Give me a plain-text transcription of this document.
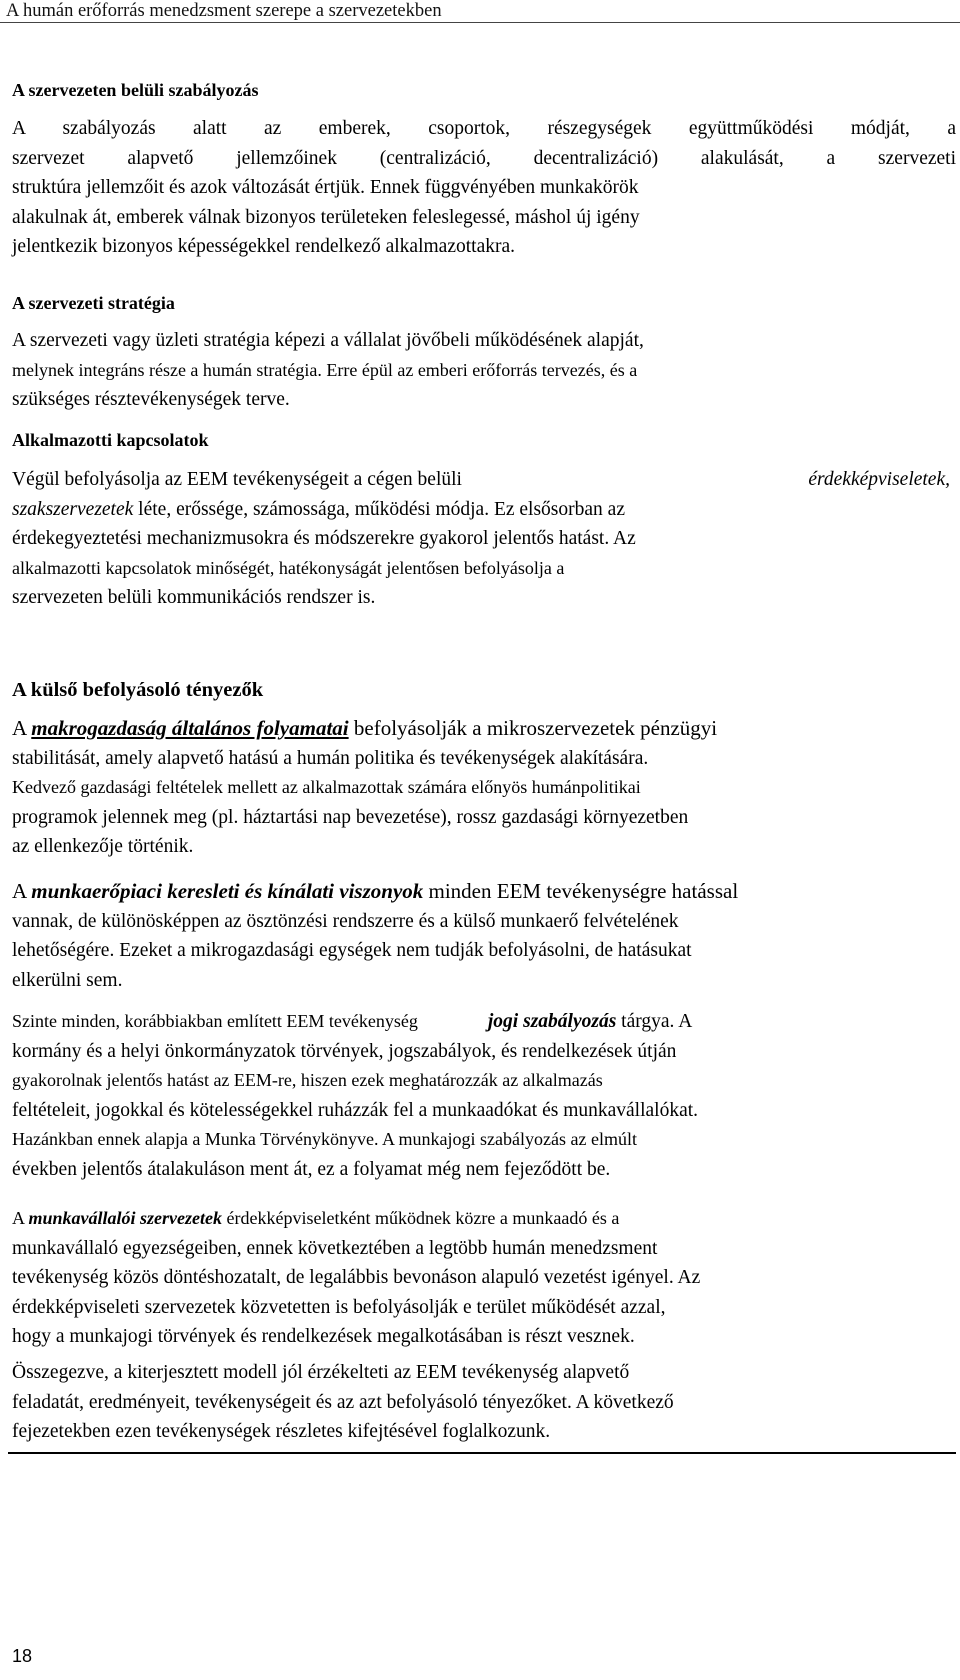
A humán erőforrás menedzsment szerepe a szervezetekben
A szervezeten belüli szabályozás
A szabályozás alatt az emberek, csoportok, részegységek együttműködési módját, a
szervezet alapvető jellemzőinek (centralizáció, decentralizáció) alakulását, a szervezeti
struktúra jellemzőit és azok változását értjük. Ennek függvényében munkakörök
alakulnak át, emberek válnak bizonyos területeken feleslegessé, máshol új igény
jelentkezik bizonyos képességekkel rendelkező alkalmazottakra.
A szervezeti stratégia
A szervezeti vagy üzleti stratégia képezi a vállalat jövőbeli működésének alapját,
melynek integráns része a humán stratégia. Erre épül az emberi erőforrás tervezés, és a
szükséges résztevékenységek terve.
Alkalmazotti kapcsolatok
Végül befolyásolja az EEM tevékenységeit a cégen belüli	érdekképviseletek,
szakszervezetek léte, erőssége, számossága, működési módja. Ez elsősorban az
érdekegyeztetési mechanizmusokra és módszerekre gyakorol jelentős hatást. Az
alkalmazotti kapcsolatok minőségét, hatékonyságát jelentősen befolyásolja a
szervezeten belüli kommunikációs rendszer is.
A külső befolyásoló tényezők
A makrogazdaság általános folyamatai befolyásolják a mikroszervezetek pénzügyi
stabilitását, amely alapvető hatású a humán politika és tevékenységek alakítására.
Kedvező gazdasági feltételek mellett az alkalmazottak számára előnyös humánpolitikai
programok jelennek meg (pl. háztartási nap bevezetése), rossz gazdasági környezetben
az ellenkezője történik.
A munkaerőpiaci keresleti és kínálati viszonyok minden EEM tevékenységre hatással
vannak, de különösképpen az ösztönzési rendszerre és a külső munkaerő felvételének
lehetőségére. Ezeket a mikrogazdasági egységek nem tudják befolyásolni, de hatásukat
elkerülni sem.
Szinte minden, korábbiakban említett EEM tevékenység	jogi szabályozás tárgya. A
kormány és a helyi önkormányzatok törvények, jogszabályok, és rendelkezések útján
gyakorolnak jelentős hatást az EEM-re, hiszen ezek meghatározzák az alkalmazás
feltételeit, jogokkal és kötelességekkel ruházzák fel a munkaadókat és munkavállalókat.
Hazánkban ennek alapja a Munka Törvénykönyve. A munkajogi szabályozás az elmúlt
években jelentős átalakuláson ment át, ez a folyamat még nem fejeződött be.
A munkavállalói szervezetek érdekképviseletként működnek közre a munkaadó és a
munkavállaló egyezségeiben, ennek következtében a legtöbb humán menedzsment
tevékenység közös döntéshozatalt, de legalábbis bevonáson alapuló vezetést igényel. Az
érdekképviseleti szervezetek közvetetten is befolyásolják e terület működését azzal,
hogy a munkajogi törvények és rendelkezések megalkotásában is részt vesznek.
Összegezve, a kiterjesztett modell jól érzékelteti az EEM tevékenység alapvető
feladatát, eredményeit, tevékenységeit és az azt befolyásoló tényezőket. A következő
fejezetekben ezen tevékenységek részletes kifejtésével foglalkozunk.
18
